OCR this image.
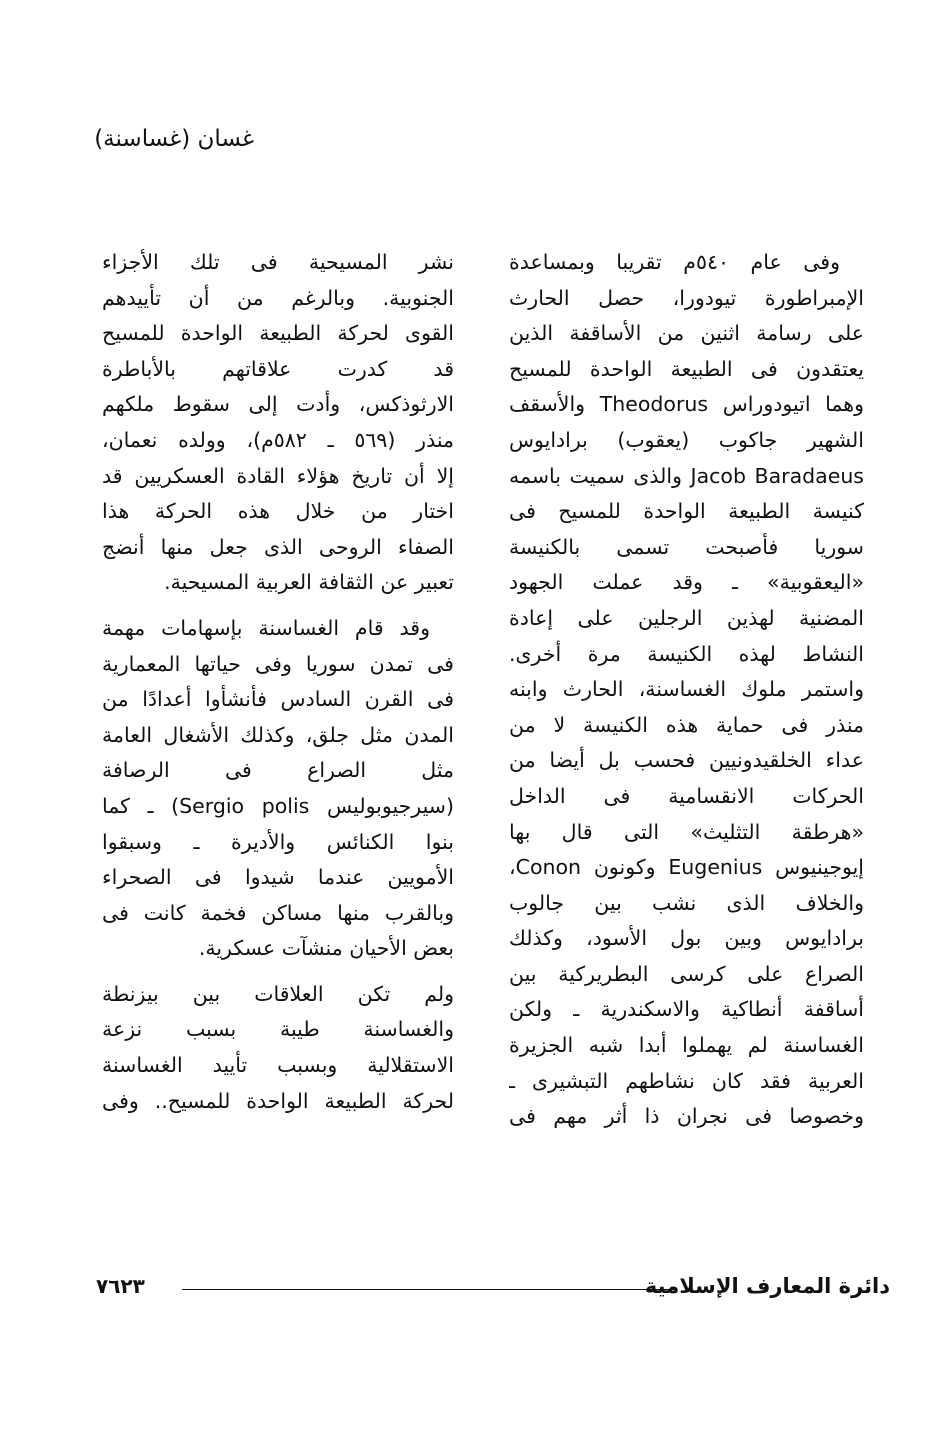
غسان (غساسنة)
وفى عام ٥٤٠م تقريبا وبمساعدة
الإمبراطورة تيودورا، حصل الحارث
على رسامة اثنين من الأساقفة الذين
يعتقدون فى الطبيعة الواحدة للمسيح
وهما اتيودوراس Theodorus والأسقف
الشهير جاكوب (يعقوب) برادايوس
Jacob Baradaeus والذى سميت باسمه
كنيسة الطبيعة الواحدة للمسيح فى
سوريا فأصبحت تسمى بالكنيسة
«اليعقوبية» ـ وقد عملت الجهود
المضنية لهذين الرجلين على إعادة
النشاط لهذه الكنيسة مرة أخرى.
واستمر ملوك الغساسنة، الحارث وابنه
منذر فى حماية هذه الكنيسة لا من
عداء الخلقيدونيين فحسب بل أيضا من
الحركات الانقسامية فى الداخل
«هرطقة التثليث» التى قال بها
إيوجينيوس Eugenius وكونون Conon،
والخلاف الذى نشب بين جالوب
برادايوس وبين بول الأسود، وكذلك
الصراع على كرسى البطريركية بين
أساقفة أنطاكية والاسكندرية ـ ولكن
الغساسنة لم يهملوا أبدا شبه الجزيرة
العربية فقد كان نشاطهم التبشيرى ـ
وخصوصا فى نجران ذا أثر مهم فى
نشر المسيحية فى تلك الأجزاء
الجنوبية. وبالرغم من أن تأييدهم
القوى لحركة الطبيعة الواحدة للمسيح
قد كدرت علاقاتهم بالأباطرة
الارثوذكس، وأدت إلى سقوط ملكهم
منذر (٥٦٩ ـ ٥٨٢م)، وولده نعمان،
إلا أن تاريخ هؤلاء القادة العسكريين قد
اختار من خلال هذه الحركة هذا
الصفاء الروحى الذى جعل منها أنضج
تعبير عن الثقافة العربية المسيحية.
وقد قام الغساسنة بإسهامات مهمة
فى تمدن سوريا وفى حياتها المعمارية
فى القرن السادس فأنشأوا أعدادًا من
المدن مثل جلق، وكذلك الأشغال العامة
مثل الصراع فى الرصافة
(سيرجيوبوليس Sergio polis) ـ كما
بنوا الكنائس والأديرة ـ وسبقوا
الأمويين عندما شيدوا فى الصحراء
وبالقرب منها مساكن فخمة كانت فى
بعض الأحيان منشآت عسكرية.
ولم تكن العلاقات بين بيزنطة
والغساسنة طيبة بسبب نزعة
الاستقلالية وبسبب تأييد الغساسنة
لحركة الطبيعة الواحدة للمسيح.. وفى
دائرة المعارف الإسلامية
٧٦٢٣
